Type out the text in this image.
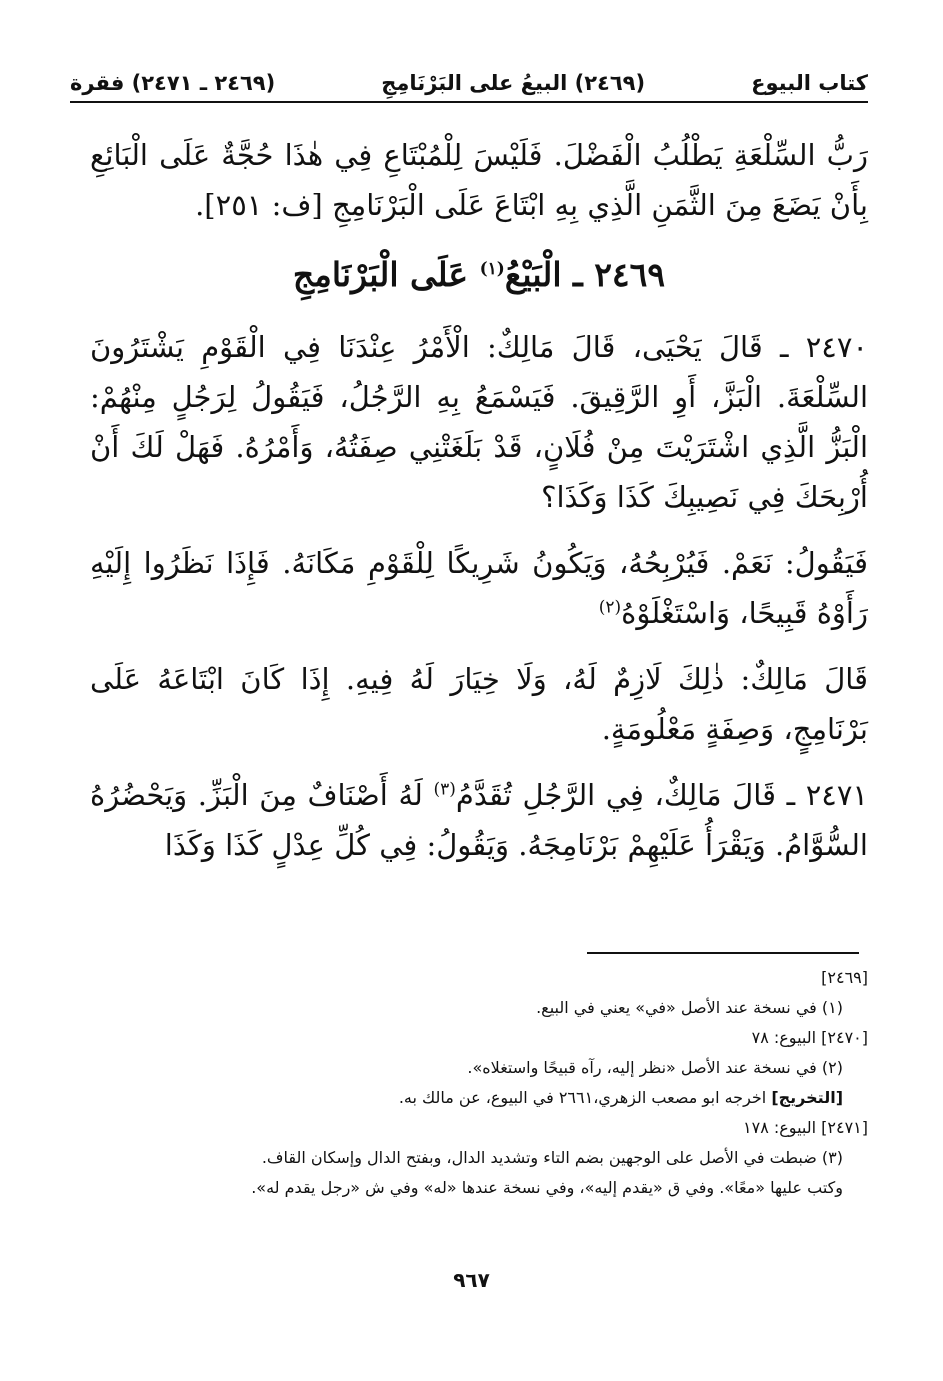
كتاب البيوع
(٢٤٦٩) البيعُ على البَرْنَامِجِ
(٢٤٦٩ ـ ٢٤٧١) فقرة

رَبُّ السِّلْعَةِ يَطْلُبُ الْفَضْلَ. فَلَيْسَ لِلْمُبْتَاعِ فِي هٰذَا حُجَّةٌ عَلَى الْبَائِعِ بِأَنْ يَضَعَ مِنَ الثَّمَنِ الَّذِي بِهِ ابْتَاعَ عَلَى الْبَرْنَامِجِ [ف: ٢٥١].

٢٤٦٩ ـ الْبَيْعُ$^{(١)}$ عَلَى الْبَرْنَامِجِ

٢٤٧٠ ـ قَالَ يَحْيَى، قَالَ مَالِكٌ: الْأَمْرُ عِنْدَنَا فِي الْقَوْمِ يَشْتَرُونَ السِّلْعَةَ. الْبَزَّ، أَوِ الرَّقِيقَ. فَيَسْمَعُ بِهِ الرَّجُلُ، فَيَقُولُ لِرَجُلٍ مِنْهُمْ: الْبَزُّ الَّذِي اشْتَرَيْتَ مِنْ فُلَانٍ، قَدْ بَلَغَتْنِي صِفَتُهُ، وَأَمْرُهُ. فَهَلْ لَكَ أَنْ أُرْبِحَكَ فِي نَصِيبِكَ كَذَا وَكَذَا؟

فَيَقُولُ: نَعَمْ. فَيُرْبِحُهُ، وَيَكُونُ شَرِيكًا لِلْقَوْمِ مَكَانَهُ. فَإِذَا نَظَرُوا إِلَيْهِ رَأَوْهُ قَبِيحًا، وَاسْتَغْلَوْهُ$^{(٢)}$

قَالَ مَالِكٌ: ذٰلِكَ لَازِمٌ لَهُ، وَلَا خِيَارَ لَهُ فِيهِ. إِذَا كَانَ ابْتَاعَهُ عَلَى بَرْنَامِجٍ، وَصِفَةٍ مَعْلُومَةٍ.

٢٤٧١ ـ قَالَ مَالِكٌ، فِي الرَّجُلِ تُقَدَّمُ$^{(٣)}$ لَهُ أَصْنَافٌ مِنَ الْبَزِّ. وَيَحْضُرُهُ السُّوَّامُ. وَيَقْرَأُ عَلَيْهِمْ بَرْنَامِجَهُ. وَيَقُولُ: فِي كُلِّ عِدْلٍ كَذَا وَكَذَا

[٢٤٦٩]
(١) في نسخة عند الأصل «في» يعني في البيع.
[٢٤٧٠] البيوع: ٧٨
(٢) في نسخة عند الأصل «نظر إليه، رآه قبيحًا واستغلاه».
[التخريج] اخرجه ابو مصعب الزهري،٢٦٦١ في البيوع، عن مالك به.
[٢٤٧١] البيوع: ١٧٨
(٣) ضبطت في الأصل على الوجهين بضم التاء وتشديد الدال، وبفتح الدال وإسكان القاف.
وكتب عليها «معًا». وفي ق «يقدم إليه»، وفي نسخة عندها «له» وفي ش «رجل يقدم له».
٩٦٧
